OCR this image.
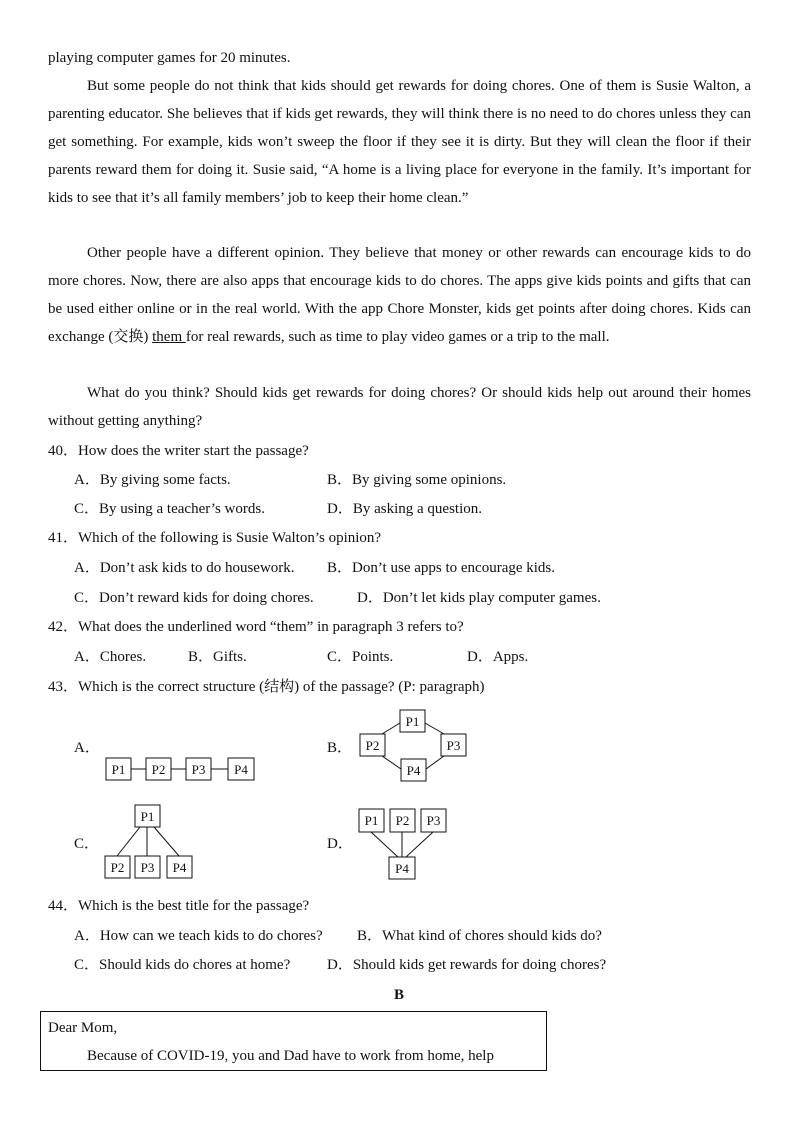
playing computer games for 20 minutes.

But some people do not think that kids should get rewards for doing chores. One of them is Susie Walton, a parenting educator. She believes that if kids get rewards, they will think there is no need to do chores unless they can get something. For example, kids won’t sweep the floor if they see it is dirty. But they will clean the floor if their parents reward them for doing it. Susie said, “A home is a living place for everyone in the family. It’s important for kids to see that it’s all family members’ job to keep their home clean.”

Other people have a different opinion. They believe that money or other rewards can encourage kids to do more chores. Now, there are also apps that encourage kids to do chores. The apps give kids points and gifts that can be used either online or in the real world. With the app Chore Monster, kids get points after doing chores. Kids can exchange (交换) them for real rewards, such as time to play video games or a trip to the mall.

What do you think? Should kids get rewards for doing chores? Or should kids help out around their homes without getting anything?

40．How does the writer start the passage?
A．By giving some facts.	B．By giving some opinions.
C．By using a teacher’s words.	D．By asking a question.
41．Which of the following is Susie Walton’s opinion?
A．Don’t ask kids to do housework. B．Don’t use apps to encourage kids.
C．Don’t reward kids for doing chores.	D．Don’t let kids play computer games.
42．What does the underlined word “them” in paragraph 3 refers to?
A．Chores.	B．Gifts.	C．Points.	D．Apps.
43．Which is the correct structure (结构) of the passage? (P: paragraph)
A．
P1 P2 P3 P4
B．
P1
P2	P3
P4
C．
P1
P2 P3 P4
D．
P1 P2 P3
P4
44．Which is the best title for the passage?
A．How can we teach kids to do chores? B．What kind of chores should kids do?
C．Should kids do chores at home? D．Should kids get rewards for doing chores?
B
Dear Mom,
Because of COVID-19, you and Dad have to work from home, help
